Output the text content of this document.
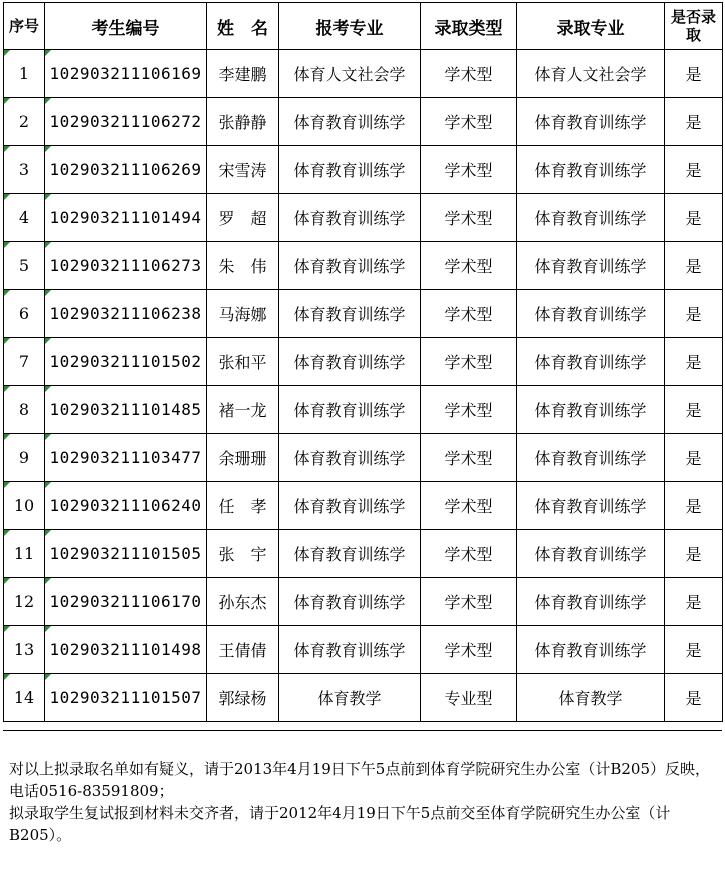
序号	考生编号	姓　名	报考专业	录取类型	录取专业	是否录取

1	102903211106169	李建鹏	体育人文社会学	学术型	体育人文社会学	是

2	102903211106272	张静静	体育教育训练学	学术型	体育教育训练学	是

3	102903211106269	宋雪涛	体育教育训练学	学术型	体育教育训练学	是

4	102903211101494	罗　超	体育教育训练学	学术型	体育教育训练学	是

5	102903211106273	朱　伟	体育教育训练学	学术型	体育教育训练学	是

6	102903211106238	马海娜	体育教育训练学	学术型	体育教育训练学	是

7	102903211101502	张和平	体育教育训练学	学术型	体育教育训练学	是

8	102903211101485	褚一龙	体育教育训练学	学术型	体育教育训练学	是

9	102903211103477	余珊珊	体育教育训练学	学术型	体育教育训练学	是

10	102903211106240	任　孝	体育教育训练学	学术型	体育教育训练学	是

11	102903211101505	张　宇	体育教育训练学	学术型	体育教育训练学	是

12	102903211106170	孙东杰	体育教育训练学	学术型	体育教育训练学	是

13	102903211101498	王倩倩	体育教育训练学	学术型	体育教育训练学	是

14	102903211101507	郭绿杨	体育教学	专业型	体育教学	是

对以上拟录取名单如有疑义，请于2013年4月19日下午5点前到体育学院研究生办公室（计B205）反映，电话0516-83591809；

拟录取学生复试报到材料未交齐者，请于2012年4月19日下午5点前交至体育学院研究生办公室（计B205）。
